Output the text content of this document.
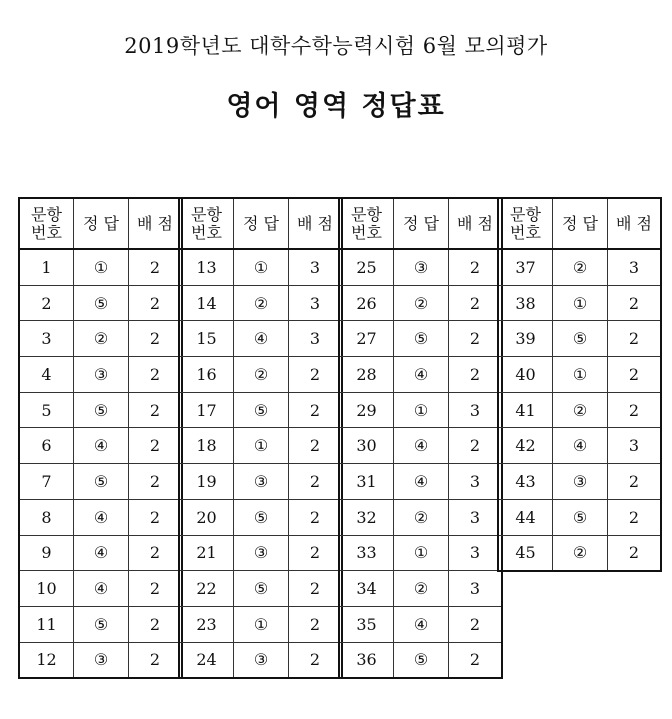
2019학년도 대학수학능력시험 6월 모의평가
영어 영역 정답표
문항
번호	정 답	배 점
1	①	2
2	⑤	2
3	②	2
4	③	2
5	⑤	2
6	④	2
7	⑤	2
8	④	2
9	④	2
10	④	2
11	⑤	2
12	③	2
문항
번호	정 답	배 점
13	①	3
14	②	3
15	④	3
16	②	2
17	⑤	2
18	①	2
19	③	2
20	⑤	2
21	③	2
22	⑤	2
23	①	2
24	③	2
문항
번호	정 답	배 점
25	③	2
26	②	2
27	⑤	2
28	④	2
29	①	3
30	④	2
31	④	3
32	②	3
33	①	3
34	②	3
35	④	2
36	⑤	2
문항
번호	정 답	배 점
37	②	3
38	①	2
39	⑤	2
40	①	2
41	②	2
42	④	3
43	③	2
44	⑤	2
45	②	2
